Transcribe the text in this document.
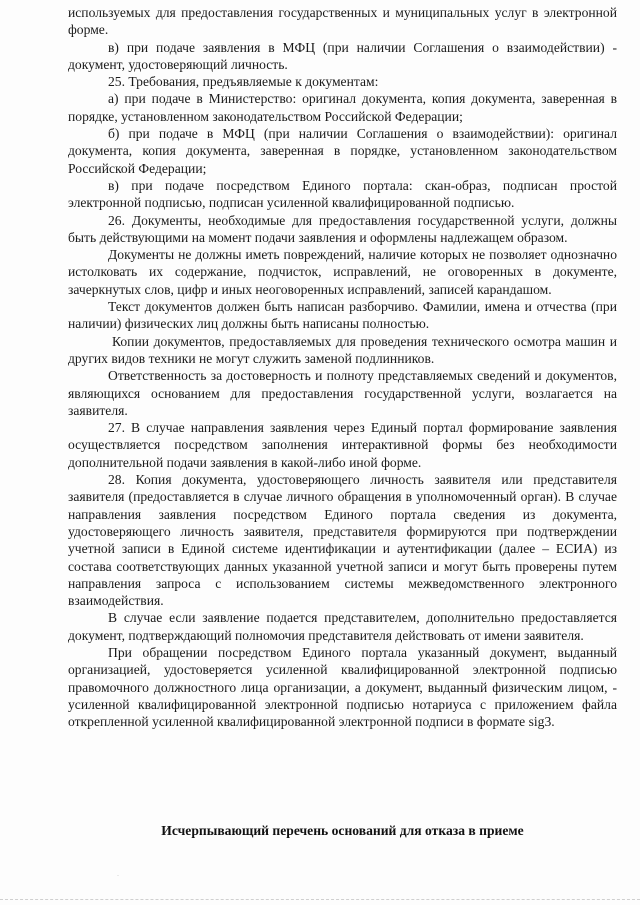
используемых для предоставления государственных и муниципальных услуг в электронной форме.

в) при подаче заявления в МФЦ (при наличии Соглашения о взаимодействии) - документ, удостоверяющий личность.

25. Требования, предъявляемые к документам:

а) при подаче в Министерство: оригинал документа, копия документа, заверенная в порядке, установленном законодательством Российской Федерации;

б) при подаче в МФЦ (при наличии Соглашения о взаимодействии): оригинал документа, копия документа, заверенная в порядке, установленном законодательством Российской Федерации;

в) при подаче посредством Единого портала: скан-образ, подписан простой электронной подписью, подписан усиленной квалифицированной подписью.

26. Документы, необходимые для предоставления государственной услуги, должны быть действующими на момент подачи заявления и оформлены надлежащем образом.

Документы не должны иметь повреждений, наличие которых не позволяет однозначно истолковать их содержание, подчисток, исправлений, не оговоренных в документе, зачеркнутых слов, цифр и иных неоговоренных исправлений, записей карандашом.

Текст документов должен быть написан разборчиво. Фамилии, имена и отчества (при наличии) физических лиц должны быть написаны полностью.

Копии документов, предоставляемых для проведения технического осмотра машин и других видов техники не могут служить заменой подлинников.

Ответственность за достоверность и полноту представляемых сведений и документов, являющихся основанием для предоставления государственной услуги, возлагается на заявителя.

27. В случае направления заявления через Единый портал формирование заявления осуществляется посредством заполнения интерактивной формы без необходимости дополнительной подачи заявления в какой-либо иной форме.

28. Копия документа, удостоверяющего личность заявителя или представителя заявителя (предоставляется в случае личного обращения в уполномоченный орган). В случае направления заявления посредством Единого портала сведения из документа, удостоверяющего личность заявителя, представителя формируются при подтверждении учетной записи в Единой системе идентификации и аутентификации (далее – ЕСИА) из состава соответствующих данных указанной учетной записи и могут быть проверены путем направления запроса с использованием системы межведомственного электронного взаимодействия.

В случае если заявление подается представителем, дополнительно предоставляется документ, подтверждающий полномочия представителя действовать от имени заявителя.

При обращении посредством Единого портала указанный документ, выданный организацией, удостоверяется усиленной квалифицированной электронной подписью правомочного должностного лица организации, а документ, выданный физическим лицом, - усиленной квалифицированной электронной подписью нотариуса с приложением файла открепленной усиленной квалифицированной электронной подписи в формате sig3.

Исчерпывающий перечень оснований для отказа в приеме
·
